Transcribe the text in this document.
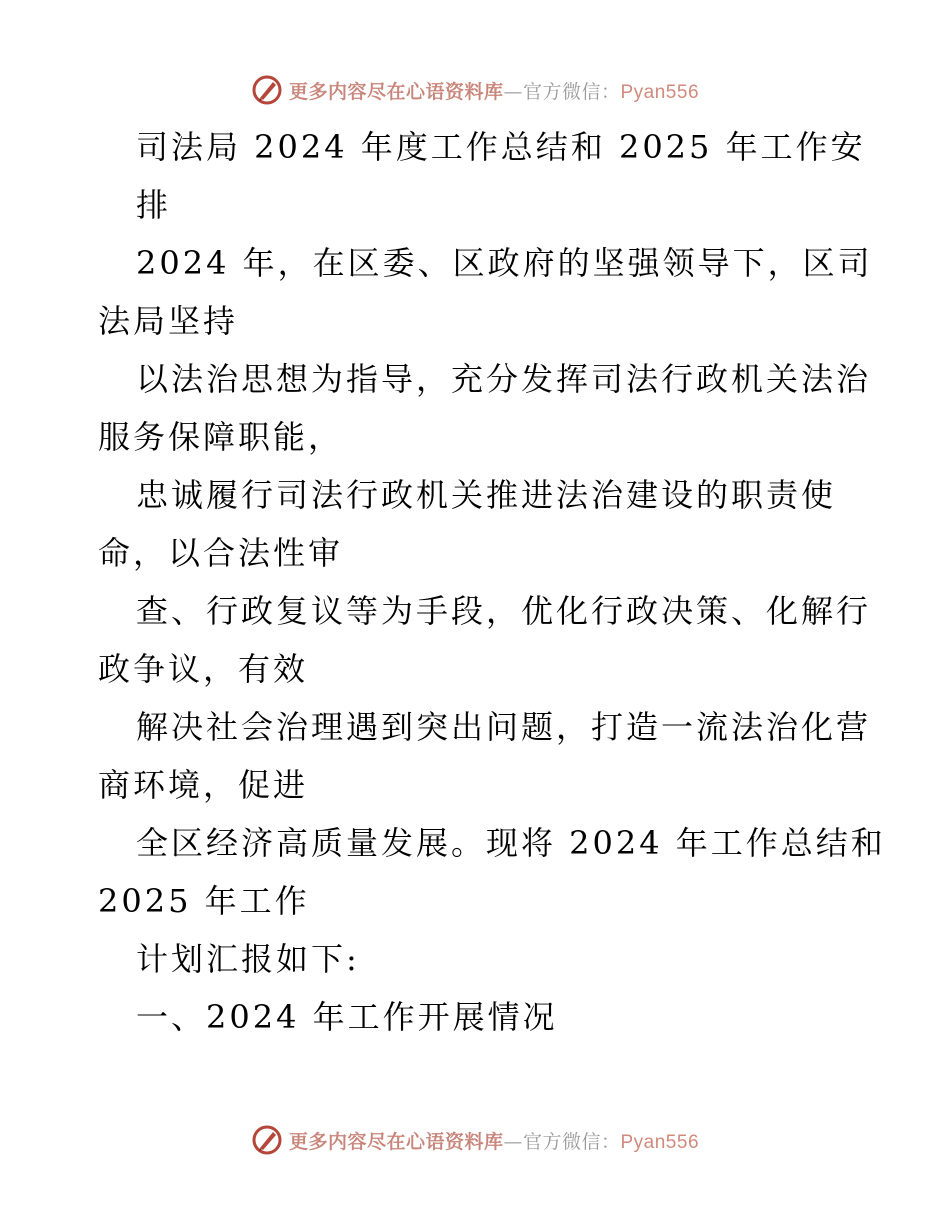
更多内容尽在心语资料库—官方微信：Pyan556
司法局 2024 年度工作总结和 2025 年工作安
排
2024 年，在区委、区政府的坚强领导下，区司
法局坚持
以法治思想为指导，充分发挥司法行政机关法治
服务保障职能，
忠诚履行司法行政机关推进法治建设的职责使
命，以合法性审
查、行政复议等为手段，优化行政决策、化解行
政争议，有效
解决社会治理遇到突出问题，打造一流法治化营
商环境，促进
全区经济高质量发展。现将 2024 年工作总结和
2025 年工作
计划汇报如下:
一、2024 年工作开展情况
更多内容尽在心语资料库—官方微信：Pyan556
